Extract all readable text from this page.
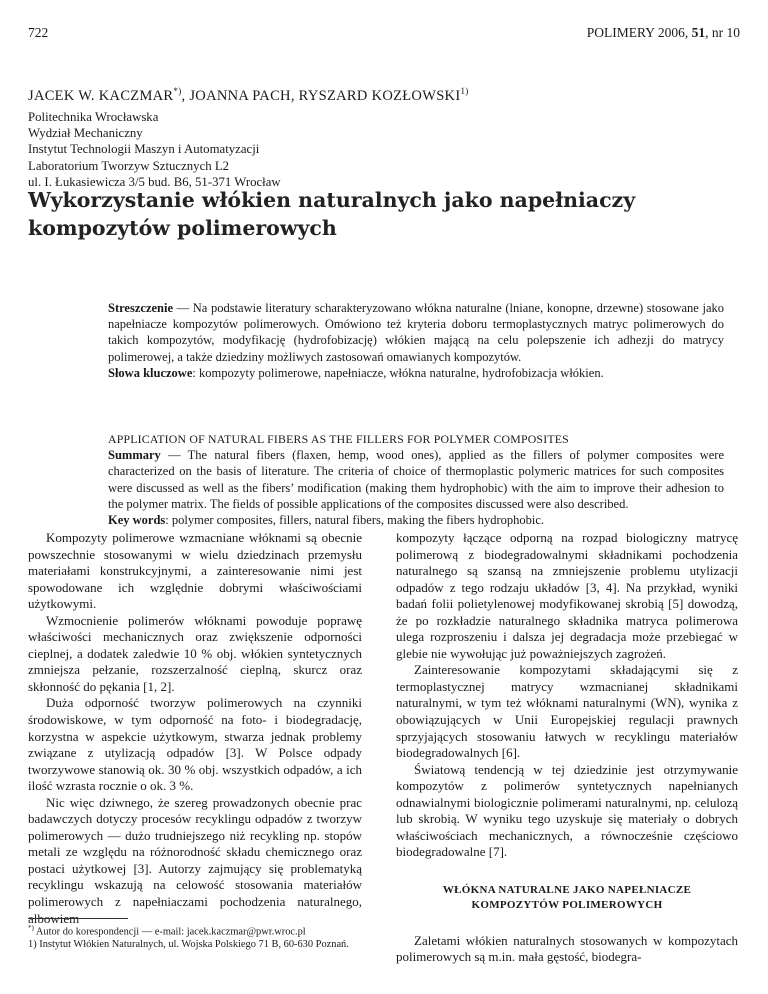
722	POLIMERY 2006, 51, nr 10
JACEK W. KACZMAR*), JOANNA PACH, RYSZARD KOZŁOWSKI$^{1)}$
Politechnika Wrocławska
Wydział Mechaniczny
Instytut Technologii Maszyn i Automatyzacji
Laboratorium Tworzyw Sztucznych L2
ul. I. Łukasiewicza 3/5 bud. B6, 51-371 Wrocław
Wykorzystanie włókien naturalnych jako napełniaczy kompozytów polimerowych

Streszczenie — Na podstawie literatury scharakteryzowano włókna naturalne (lniane, konopne, drzewne) stosowane jako napełniacze kompozytów polimerowych. Omówiono też kryteria doboru termoplastycznych matryc polimerowych do takich kompozytów, modyfikację (hydrofobizację) włókien mającą na celu polepszenie ich adhezji do matrycy polimerowej, a także dziedziny możliwych zastosowań omawianych kompozytów.

Słowa kluczowe: kompozyty polimerowe, napełniacze, włókna naturalne, hydrofobizacja włókien.

APPLICATION OF NATURAL FIBERS AS THE FILLERS FOR POLYMER COMPOSITES

Summary — The natural fibers (flaxen, hemp, wood ones), applied as the fillers of polymer composites were characterized on the basis of literature. The criteria of choice of thermoplastic polymeric matrices for such composites were discussed as well as the fibers’ modification (making them hydrophobic) with the aim to improve their adhesion to the polymer matrix. The fields of possible applications of the composites discussed were also described.

Key words: polymer composites, fillers, natural fibers, making the fibers hydrophobic.

Kompozyty polimerowe wzmacniane włóknami są obecnie powszechnie stosowanymi w wielu dziedzinach przemysłu materiałami konstrukcyjnymi, a zainteresowanie nimi jest spowodowane ich względnie dobrymi właściwościami użytkowymi.

Wzmocnienie polimerów włóknami powoduje poprawę właściwości mechanicznych oraz zwiększenie odporności cieplnej, a dodatek zaledwie 10 % obj. włókien syntetycznych zmniejsza pełzanie, rozszerzalność cieplną, skurcz oraz skłonność do pękania [1, 2].

Duża odporność tworzyw polimerowych na czynniki środowiskowe, w tym odporność na foto- i biodegradację, korzystna w aspekcie użytkowym, stwarza jednak problemy związane z utylizacją odpadów [3]. W Polsce odpady tworzywowe stanowią ok. 30 % obj. wszystkich odpadów, a ich ilość wzrasta rocznie o ok. 3 %.

Nic więc dziwnego, że szereg prowadzonych obecnie prac badawczych dotyczy procesów recyklingu odpadów z tworzyw polimerowych — dużo trudniejszego niż recykling np. stopów metali ze względu na różnorodność składu chemicznego oraz postaci użytkowej [3]. Autorzy zajmujący się problematyką recyklingu wskazują na celowość stosowania materiałów polimerowych z napełniaczami pochodzenia naturalnego, albowiem

*) Autor do korespondencji — e-mail: jacek.kaczmar@pwr.wroc.pl
1) Instytut Włókien Naturalnych, ul. Wojska Polskiego 71 B, 60-630 Poznań.

kompozyty łączące odporną na rozpad biologiczny matrycę polimerową z biodegradowalnymi składnikami pochodzenia naturalnego są szansą na zmniejszenie problemu utylizacji odpadów z tego rodzaju układów [3, 4]. Na przykład, wyniki badań folii polietylenowej modyfikowanej skrobią [5] dowodzą, że po rozkładzie naturalnego składnika matryca polimerowa ulega rozproszeniu i dalsza jej degradacja może przebiegać w glebie nie wywołując już poważniejszych zagrożeń.

Zainteresowanie kompozytami składającymi się z termoplastycznej matrycy wzmacnianej składnikami naturalnymi, w tym też włóknami naturalnymi (WN), wynika z obowiązujących w Unii Europejskiej regulacji prawnych sprzyjających stosowaniu łatwych w recyklingu materiałów biodegradowalnych [6].

Światową tendencją w tej dziedzinie jest otrzymywanie kompozytów z polimerów syntetycznych napełnianych odnawialnymi biologicznie polimerami naturalnymi, np. celulozą lub skrobią. W wyniku tego uzyskuje się materiały o dobrych właściwościach mechanicznych, a równocześnie częściowo biodegradowalne [7].

WŁÓKNA NATURALNE JAKO NAPEŁNIACZE
KOMPOZYTÓW POLIMEROWYCH

Zaletami włókien naturalnych stosowanych w kompozytach polimerowych są m.in. mała gęstość, biodegra-
